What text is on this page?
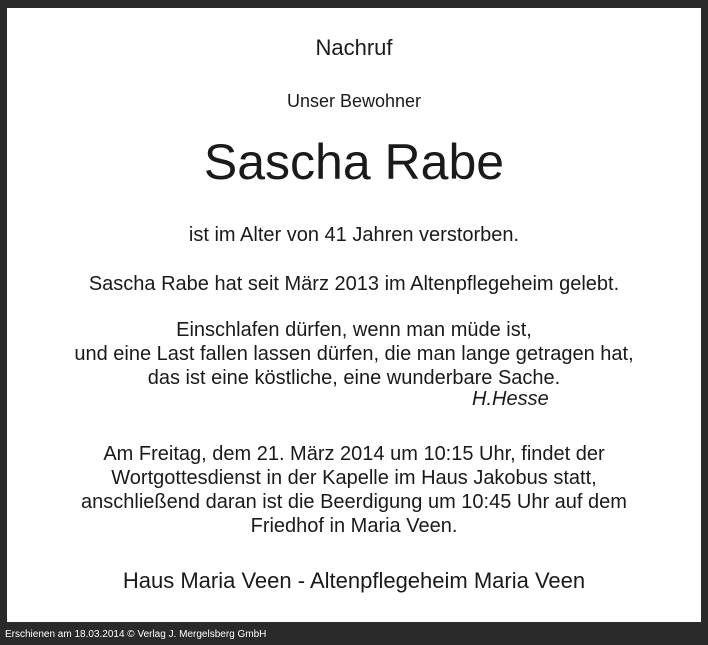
Nachruf
Unser Bewohner
Sascha Rabe
ist im Alter von 41 Jahren verstorben.
Sascha Rabe hat seit März 2013 im Altenpflegeheim gelebt.
Einschlafen dürfen, wenn man müde ist,
und eine Last fallen lassen dürfen, die man lange getragen hat,
das ist eine köstliche, eine wunderbare Sache.
H.Hesse
Am Freitag, dem 21. März 2014 um 10:15 Uhr, findet der
Wortgottesdienst in der Kapelle im Haus Jakobus statt,
anschließend daran ist die Beerdigung um 10:45 Uhr auf dem
Friedhof in Maria Veen.
Haus Maria Veen - Altenpflegeheim Maria Veen
Erschienen am 18.03.2014 © Verlag J. Mergelsberg GmbH
